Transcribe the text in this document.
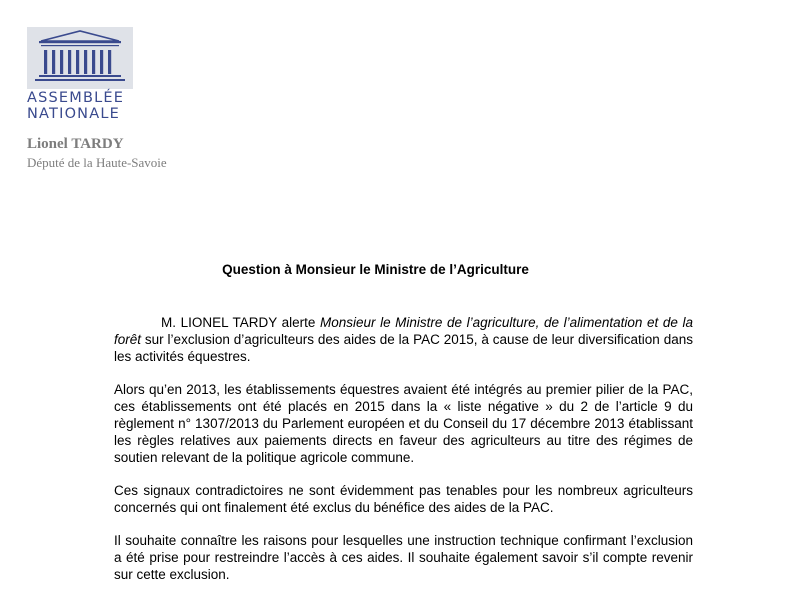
ASSEMBLÉE
NATIONALE
Lionel TARDY
Député de la Haute-Savoie
Question à Monsieur le Ministre de l’Agriculture

M. LIONEL TARDY alerte Monsieur le Ministre de l’agriculture, de l’alimentation et de la forêt sur l’exclusion d’agriculteurs des aides de la PAC 2015, à cause de leur diversification dans les activités équestres.

Alors qu’en 2013, les établissements équestres avaient été intégrés au premier pilier de la PAC, ces établissements ont été placés en 2015 dans la « liste négative » du 2 de l’article 9 du règlement n° 1307/2013 du Parlement européen et du Conseil du 17 décembre 2013 établissant les règles relatives aux paiements directs en faveur des agriculteurs au titre des régimes de soutien relevant de la politique agricole commune.

Ces signaux contradictoires ne sont évidemment pas tenables pour les nombreux agriculteurs concernés qui ont finalement été exclus du bénéfice des aides de la PAC.

Il souhaite connaître les raisons pour lesquelles une instruction technique confirmant l’exclusion a été prise pour restreindre l’accès à ces aides. Il souhaite également savoir s’il compte revenir sur cette exclusion.
